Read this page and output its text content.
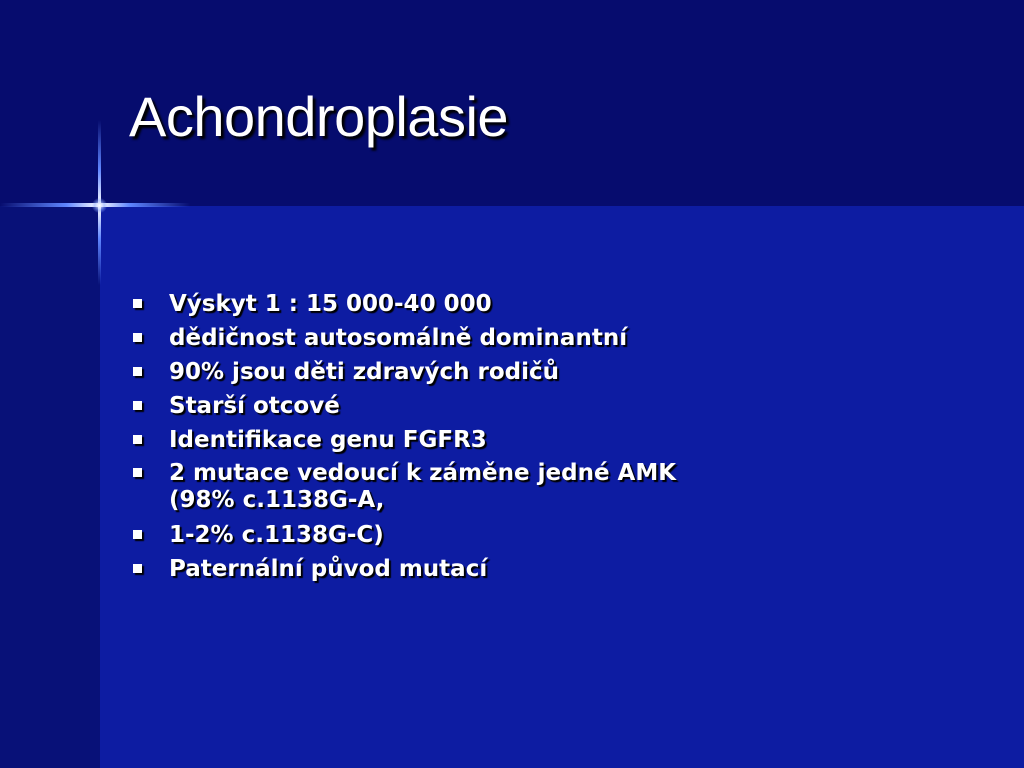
Achondroplasie
Výskyt 1 : 15 000-40 000
dědičnost autosomálně dominantní
90% jsou děti zdravých rodičů
Starší otcové
Identifikace genu FGFR3
2 mutace vedoucí k záměne jedné AMK (98% c.1138G-A,
1-2% c.1138G-C)
Paternální původ mutací
